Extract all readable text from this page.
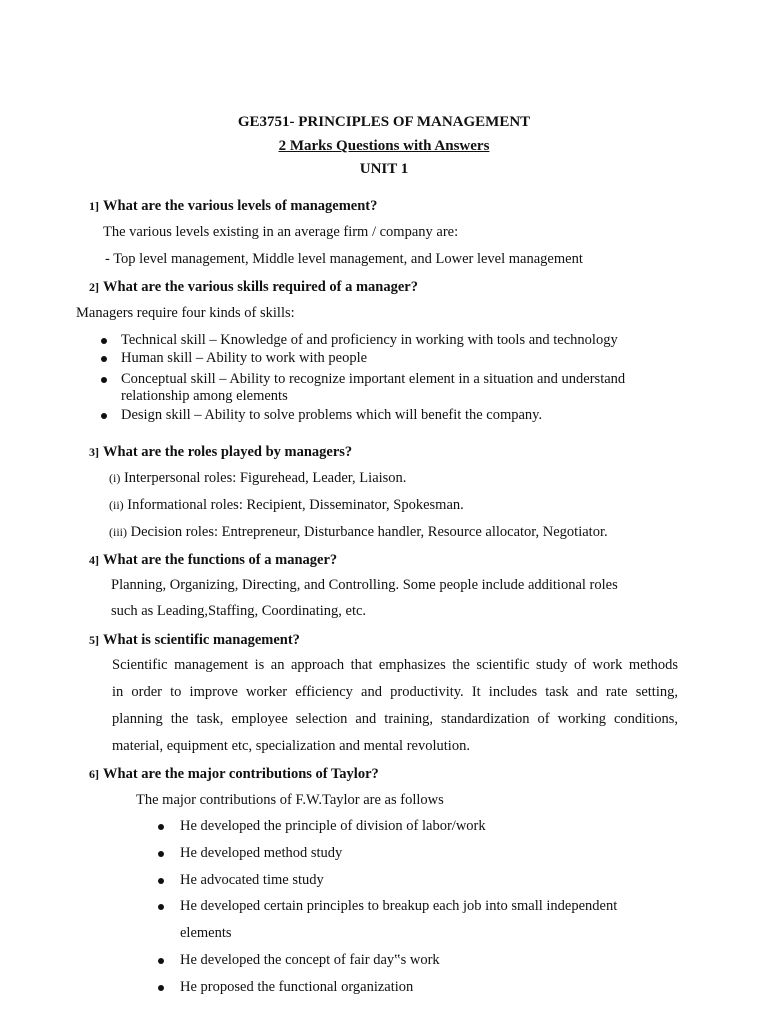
GE3751- PRINCIPLES OF MANAGEMENT
2 Marks Questions with Answers
UNIT 1
1] What are the various levels of management?
The various levels existing in an average firm / company are:
- Top level management, Middle level management, and Lower level management
2] What are the various skills required of a manager?
Managers require four kinds of skills:
Technical skill – Knowledge of and proficiency in working with tools and technology
Human skill – Ability to work with people
Conceptual skill – Ability to recognize important element in a situation and understand
relationship among elements
Design skill – Ability to solve problems which will benefit the company.
3] What are the roles played by managers?
(i) Interpersonal roles: Figurehead, Leader, Liaison.
(ii) Informational roles: Recipient, Disseminator, Spokesman.
(iii) Decision roles: Entrepreneur, Disturbance handler, Resource allocator, Negotiator.
4] What are the functions of a manager?
Planning, Organizing, Directing, and Controlling. Some people include additional roles
such as Leading,Staffing, Coordinating, etc.
5] What is scientific management?
Scientific management is an approach that emphasizes the scientific study of work methods
in order to improve worker efficiency and productivity. It includes task and rate setting,
planning the task, employee selection and training, standardization of working conditions,
material, equipment etc, specialization and mental revolution.
6] What are the major contributions of Taylor?
The major contributions of F.W.Taylor are as follows
He developed the principle of division of labor/work
He developed method study
He advocated time study
He developed certain principles to breakup each job into small independent
elements
He developed the concept of fair day‟s work
He proposed the functional organization
